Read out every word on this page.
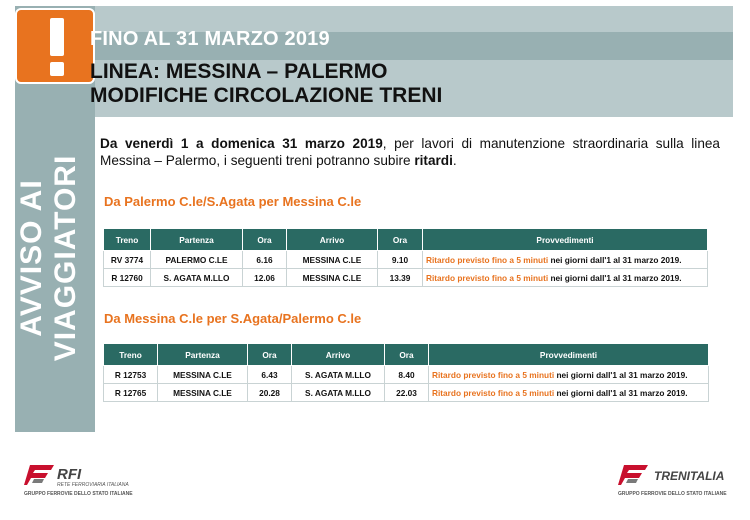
AVVISO AI VIAGGIATORI
FINO AL 31 MARZO 2019
LINEA: MESSINA – PALERMO
MODIFICHE CIRCOLAZIONE TRENI
Da venerdì 1 a domenica 31 marzo 2019, per lavori di manutenzione straordinaria sulla linea Messina – Palermo, i seguenti treni potranno subire ritardi.
Da Palermo C.le/S.Agata per Messina C.le
Treno	Partenza	Ora	Arrivo	Ora	Provvedimenti
RV 3774	PALERMO C.LE	6.16	MESSINA C.LE	9.10	Ritardo previsto fino a 5 minuti nei giorni dall'1 al 31 marzo 2019.
R 12760	S. AGATA M.LLO	12.06	MESSINA C.LE	13.39	Ritardo previsto fino a 5 minuti nei giorni dall'1 al 31 marzo 2019.
Da Messina C.le per S.Agata/Palermo C.le
Treno	Partenza	Ora	Arrivo	Ora	Provvedimenti
R 12753	MESSINA C.LE	6.43	S. AGATA M.LLO	8.40	Ritardo previsto fino a 5 minuti nei giorni dall'1 al 31 marzo 2019.
R 12765	MESSINA C.LE	20.28	S. AGATA M.LLO	22.03	Ritardo previsto fino a 5 minuti nei giorni dall'1 al 31 marzo 2019.
RFI
RETE FERROVIARIA ITALIANA
GRUPPO FERROVIE DELLO STATO ITALIANE
TRENITALIA
GRUPPO FERROVIE DELLO STATO ITALIANE
